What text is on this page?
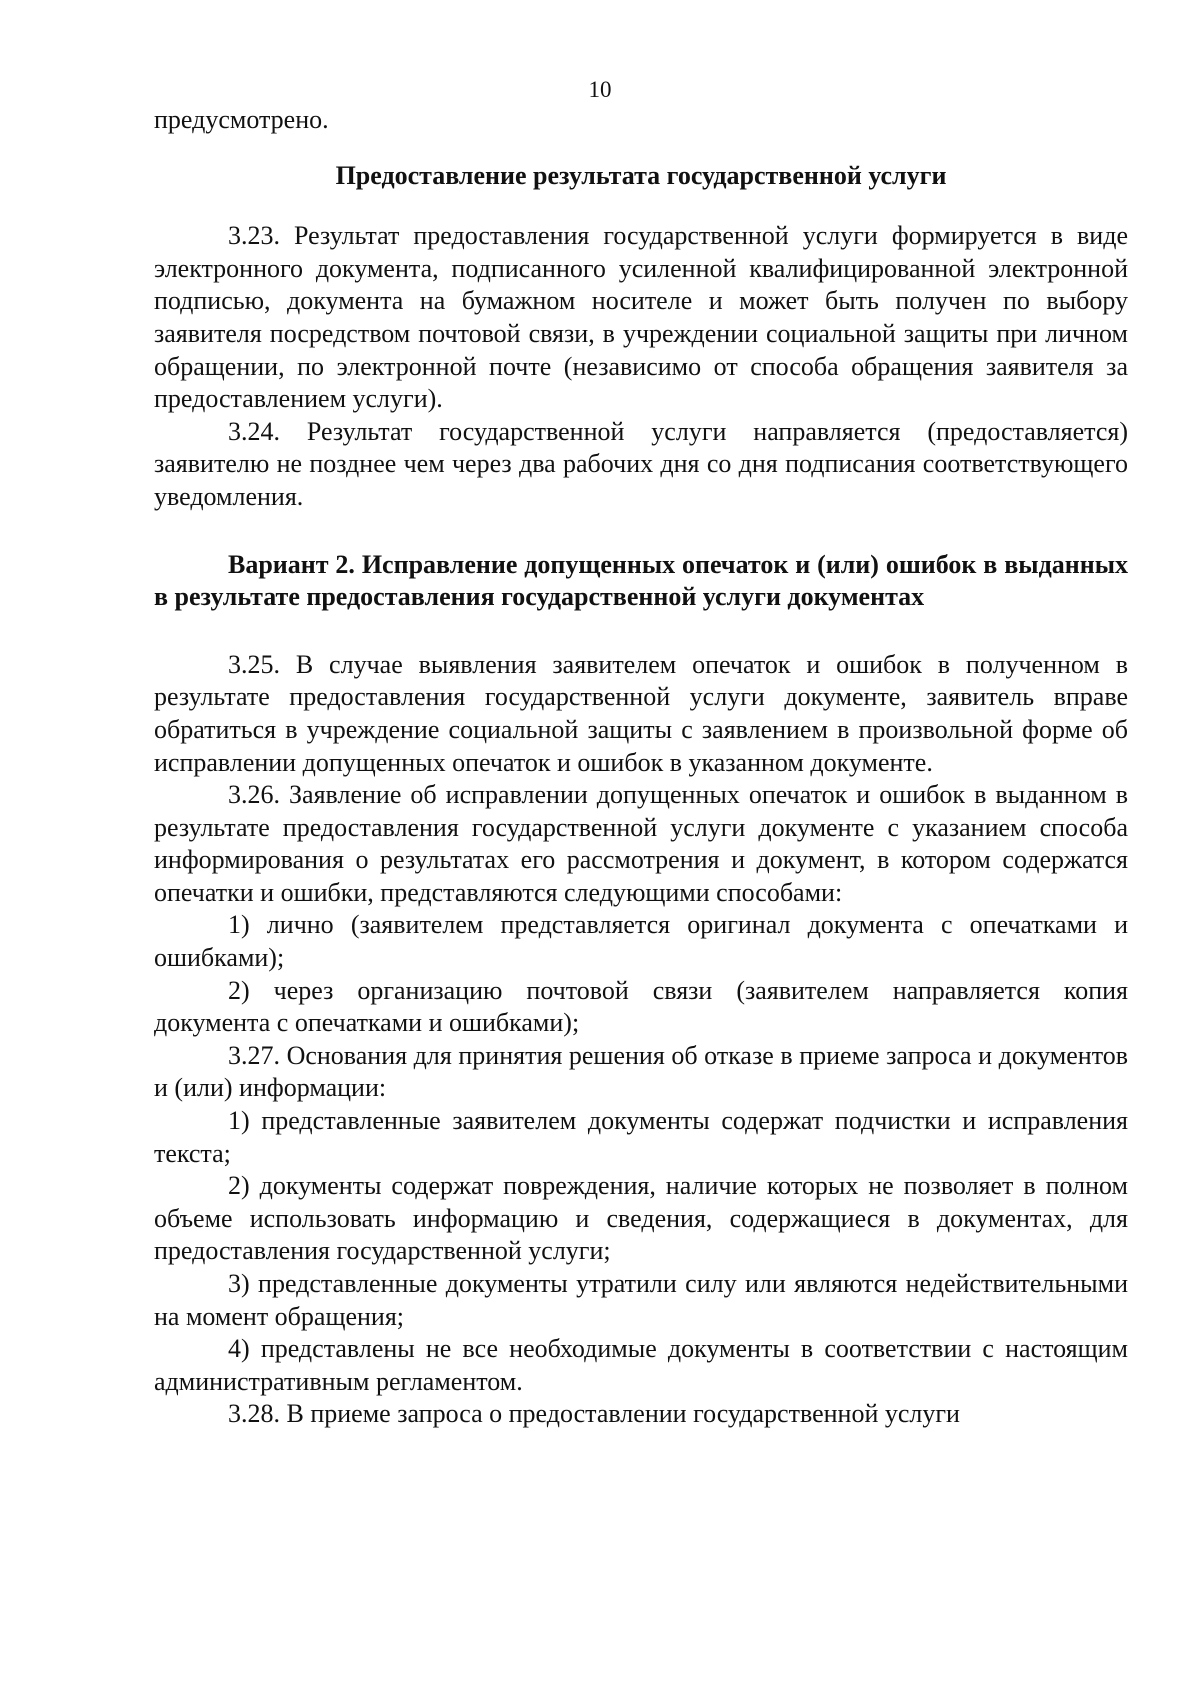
10

предусмотрено.

Предоставление результата государственной услуги

3.23. Результат предоставления государственной услуги формируется в виде электронного документа, подписанного усиленной квалифицированной электронной подписью, документа на бумажном носителе и может быть получен по выбору заявителя посредством почтовой связи, в учреждении социальной защиты при личном обращении, по электронной почте (независимо от способа обращения заявителя за предоставлением услуги).

3.24. Результат государственной услуги направляется (предоставляется) заявителю не позднее чем через два рабочих дня со дня подписания соответствующего уведомления.

Вариант 2. Исправление допущенных опечаток и (или) ошибок в выданных в результате предоставления государственной услуги документах

3.25. В случае выявления заявителем опечаток и ошибок в полученном в результате предоставления государственной услуги документе, заявитель вправе обратиться в учреждение социальной защиты с заявлением в произвольной форме об исправлении допущенных опечаток и ошибок в указанном документе.

3.26. Заявление об исправлении допущенных опечаток и ошибок в выданном в результате предоставления государственной услуги документе с указанием способа информирования о результатах его рассмотрения и документ, в котором содержатся опечатки и ошибки, представляются следующими способами:

1) лично (заявителем представляется оригинал документа с опечатками и ошибками);

2) через организацию почтовой связи (заявителем направляется копия документа с опечатками и ошибками);

3.27. Основания для принятия решения об отказе в приеме запроса и документов и (или) информации:

1) представленные заявителем документы содержат подчистки и исправления текста;

2) документы содержат повреждения, наличие которых не позволяет в полном объеме использовать информацию и сведения, содержащиеся в документах, для предоставления государственной услуги;

3) представленные документы утратили силу или являются недействительными на момент обращения;

4) представлены не все необходимые документы в соответствии с настоящим административным регламентом.

3.28. В приеме запроса о предоставлении государственной услуги
